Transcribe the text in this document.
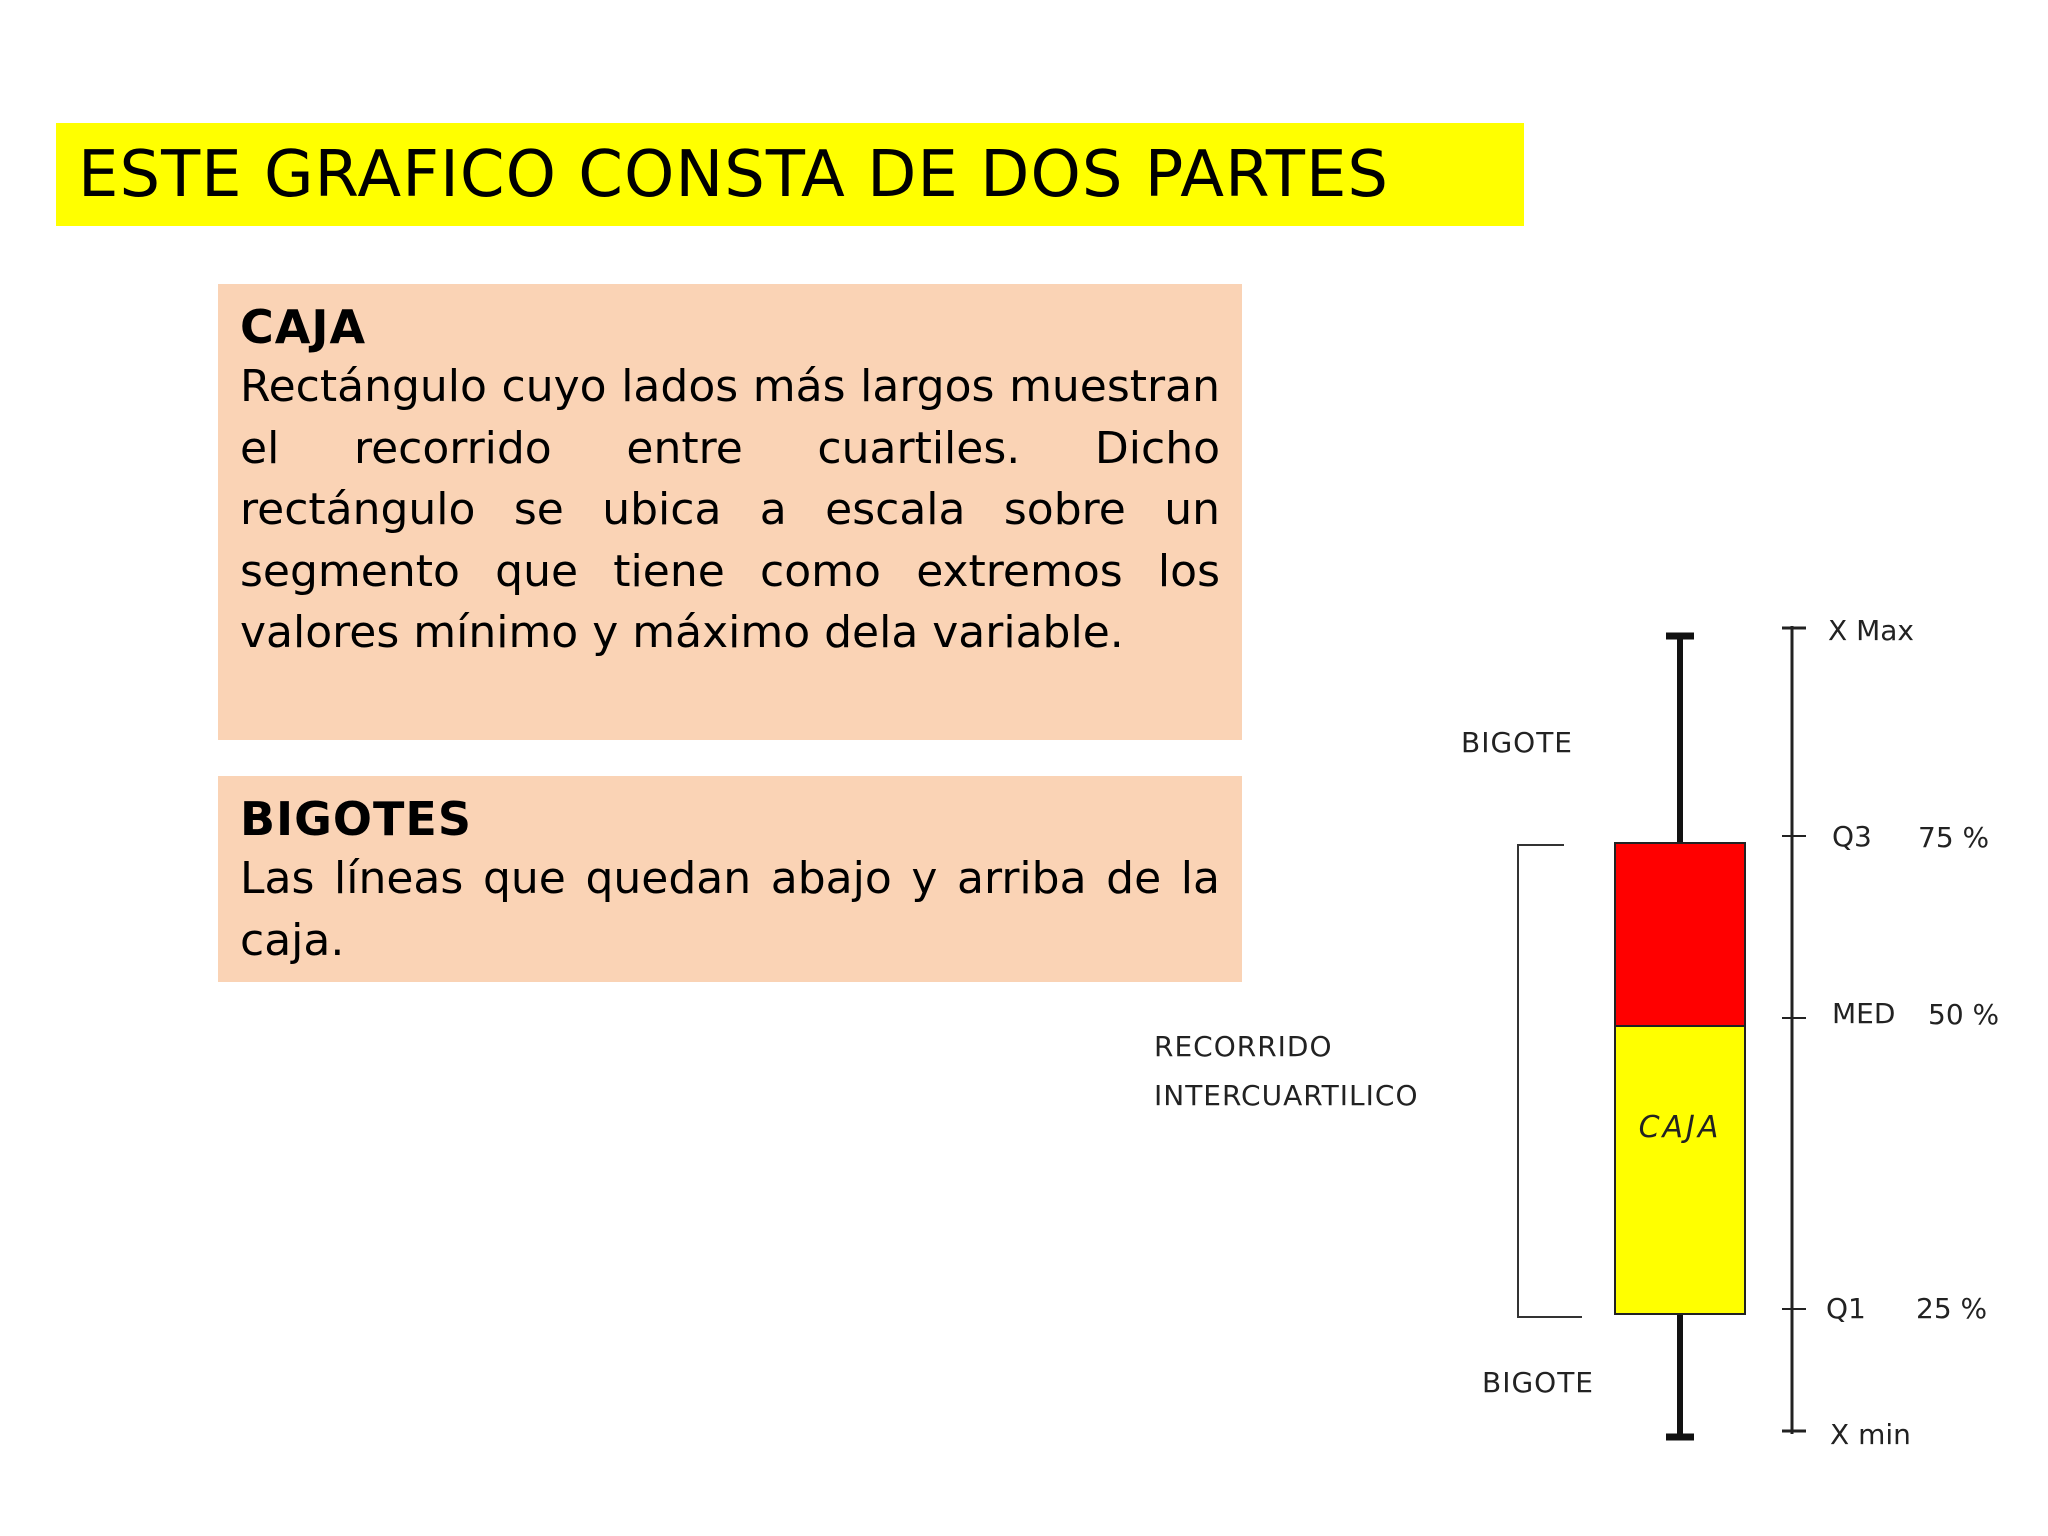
ESTE GRAFICO CONSTA DE DOS PARTES
CAJA
Rectángulo cuyo lados más largos muestran el recorrido entre cuartiles. Dicho rectángulo se ubica a escala sobre un segmento que tiene como extremos los valores mínimo y máximo dela variable.
BIGOTES
Las líneas que quedan abajo y arriba de la caja.
CAJA
X Max
Q3 75 %
MED 50 %
Q1 25 %
X min
BIGOTE
BIGOTE
RECORRIDO
INTERCUARTILICO
